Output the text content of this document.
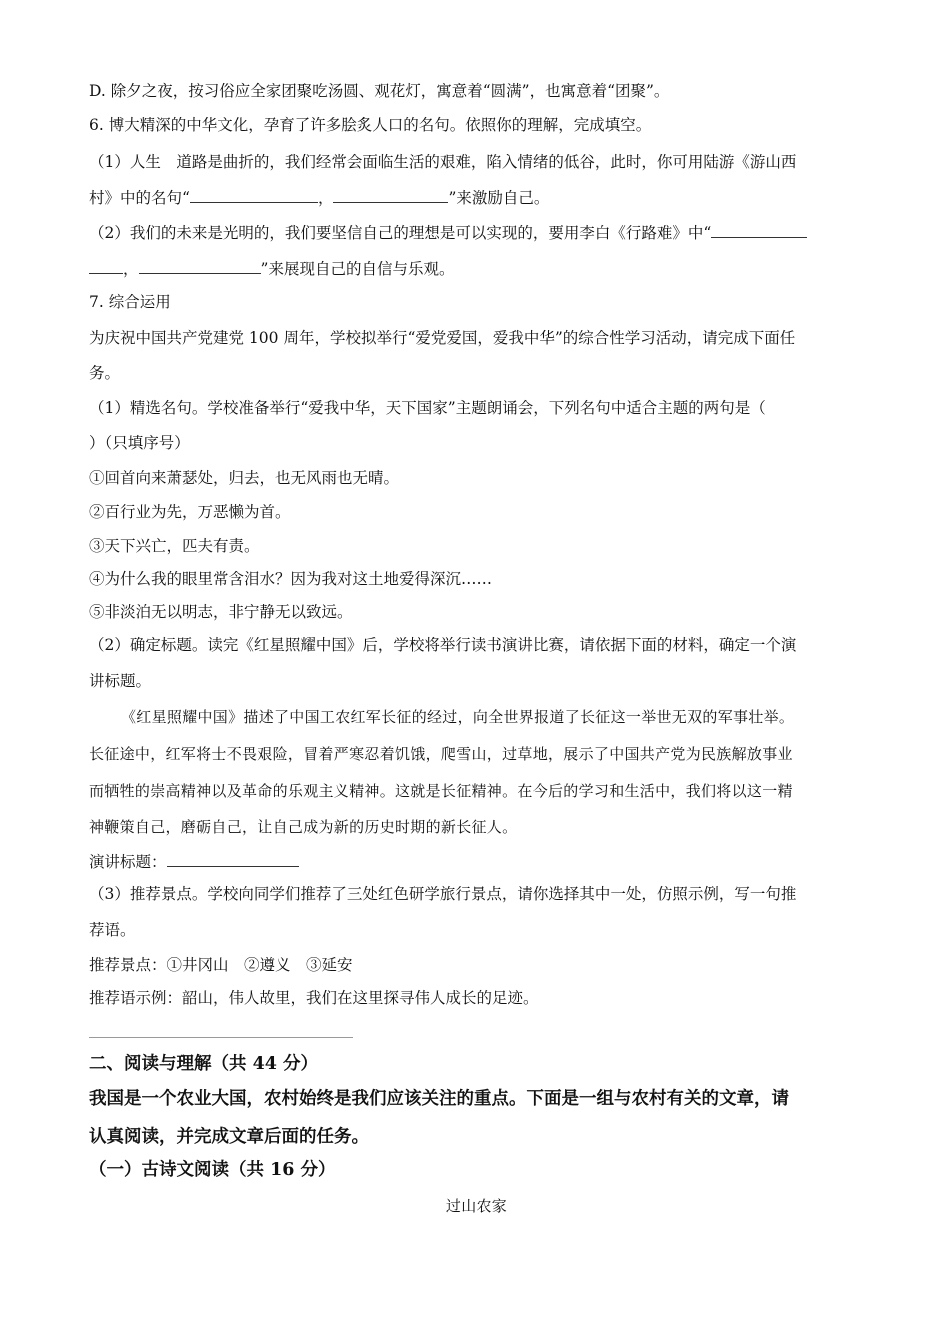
D. 除夕之夜，按习俗应全家团聚吃汤圆、观花灯，寓意着“圆满”，也寓意着“团聚”。
6. 博大精深的中华文化，孕育了许多脍炙人口的名句。依照你的理解，完成填空。
（1）人生　道路是曲折的，我们经常会面临生活的艰难，陷入情绪的低谷，此时，你可用陆游《游山西
村》中的名句“	，	”来激励自己。
（2）我们的未来是光明的，我们要坚信自己的理想是可以实现的，要用李白《行路难》中“
，	”来展现自己的自信与乐观。
7. 综合运用
为庆祝中国共产党建党 100 周年，学校拟举行“爱党爱国，爱我中华”的综合性学习活动，请完成下面任
务。
（1）精选名句。学校准备举行“爱我中华，天下国家”主题朗诵会，下列名句中适合主题的两句是（
）（只填序号）
①回首向来萧瑟处，归去，也无风雨也无晴。
②百行业为先，万恶懒为首。
③天下兴亡，匹夫有责。
④为什么我的眼里常含泪水？因为我对这土地爱得深沉……
⑤非淡泊无以明志，非宁静无以致远。
（2）确定标题。读完《红星照耀中国》后，学校将举行读书演讲比赛，请依据下面的材料，确定一个演
讲标题。
《红星照耀中国》描述了中国工农红军长征的经过，向全世界报道了长征这一举世无双的军事壮举。
长征途中，红军将士不畏艰险，冒着严寒忍着饥饿，爬雪山，过草地，展示了中国共产党为民族解放事业
而牺牲的崇高精神以及革命的乐观主义精神。这就是长征精神。在今后的学习和生活中，我们将以这一精
神鞭策自己，磨砺自己，让自己成为新的历史时期的新长征人。
演讲标题：
（3）推荐景点。学校向同学们推荐了三处红色研学旅行景点，请你选择其中一处，仿照示例，写一句推
荐语。
推荐景点：①井冈山　②遵义　③延安
推荐语示例：韶山，伟人故里，我们在这里探寻伟人成长的足迹。
二、阅读与理解（共 44 分）
我国是一个农业大国，农村始终是我们应该关注的重点。下面是一组与农村有关的文章，请
认真阅读，并完成文章后面的任务。
（一）古诗文阅读（共 16 分）
过山农家
